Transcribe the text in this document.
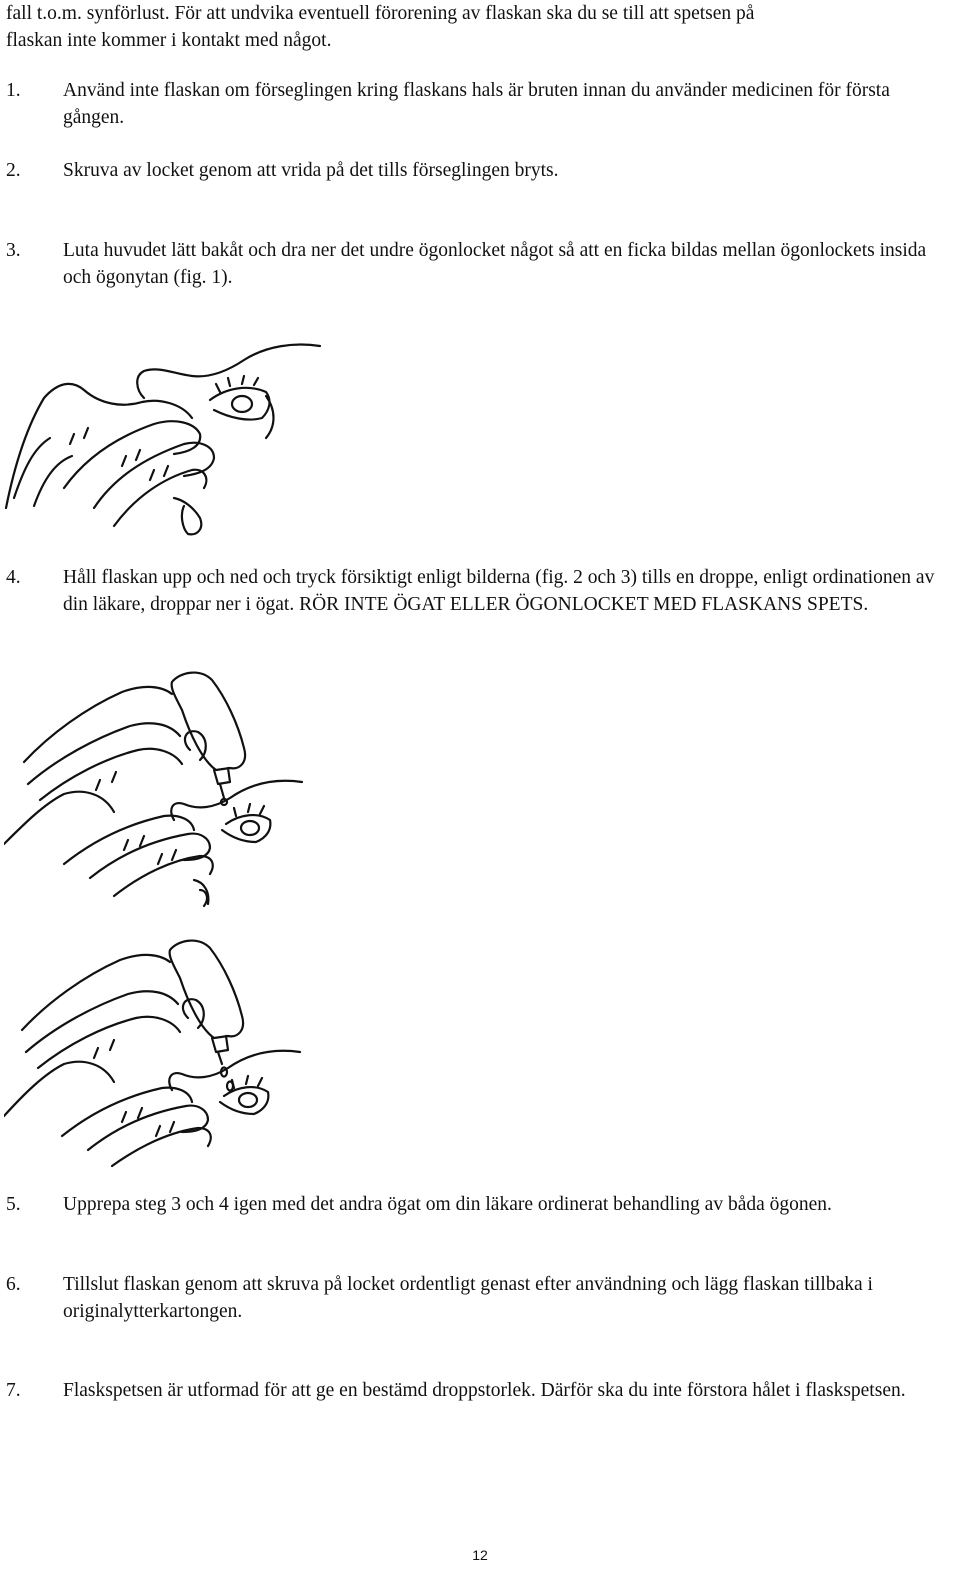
fall t.o.m. synförlust. För att undvika eventuell förorening av flaskan ska du se till att spetsen på
flaskan inte kommer i kontakt med något.
1. Använd inte flaskan om förseglingen kring flaskans hals är bruten innan du använder medicinen för första gången.
2. Skruva av locket genom att vrida på det tills förseglingen bryts.
3. Luta huvudet lätt bakåt och dra ner det undre ögonlocket något så att en ficka bildas mellan ögonlockets insida och ögonytan (fig. 1).
4. Håll flaskan upp och ned och tryck försiktigt enligt bilderna (fig. 2 och 3) tills en droppe, enligt ordinationen av din läkare, droppar ner i ögat. RÖR INTE ÖGAT ELLER ÖGONLOCKET MED FLASKANS SPETS.
5. Upprepa steg 3 och 4 igen med det andra ögat om din läkare ordinerat behandling av båda ögonen.
6. Tillslut flaskan genom att skruva på locket ordentligt genast efter användning och lägg flaskan tillbaka i originalytterkartongen.
7. Flaskspetsen är utformad för att ge en bestämd droppstorlek. Därför ska du inte förstora hålet i flaskspetsen.
12
